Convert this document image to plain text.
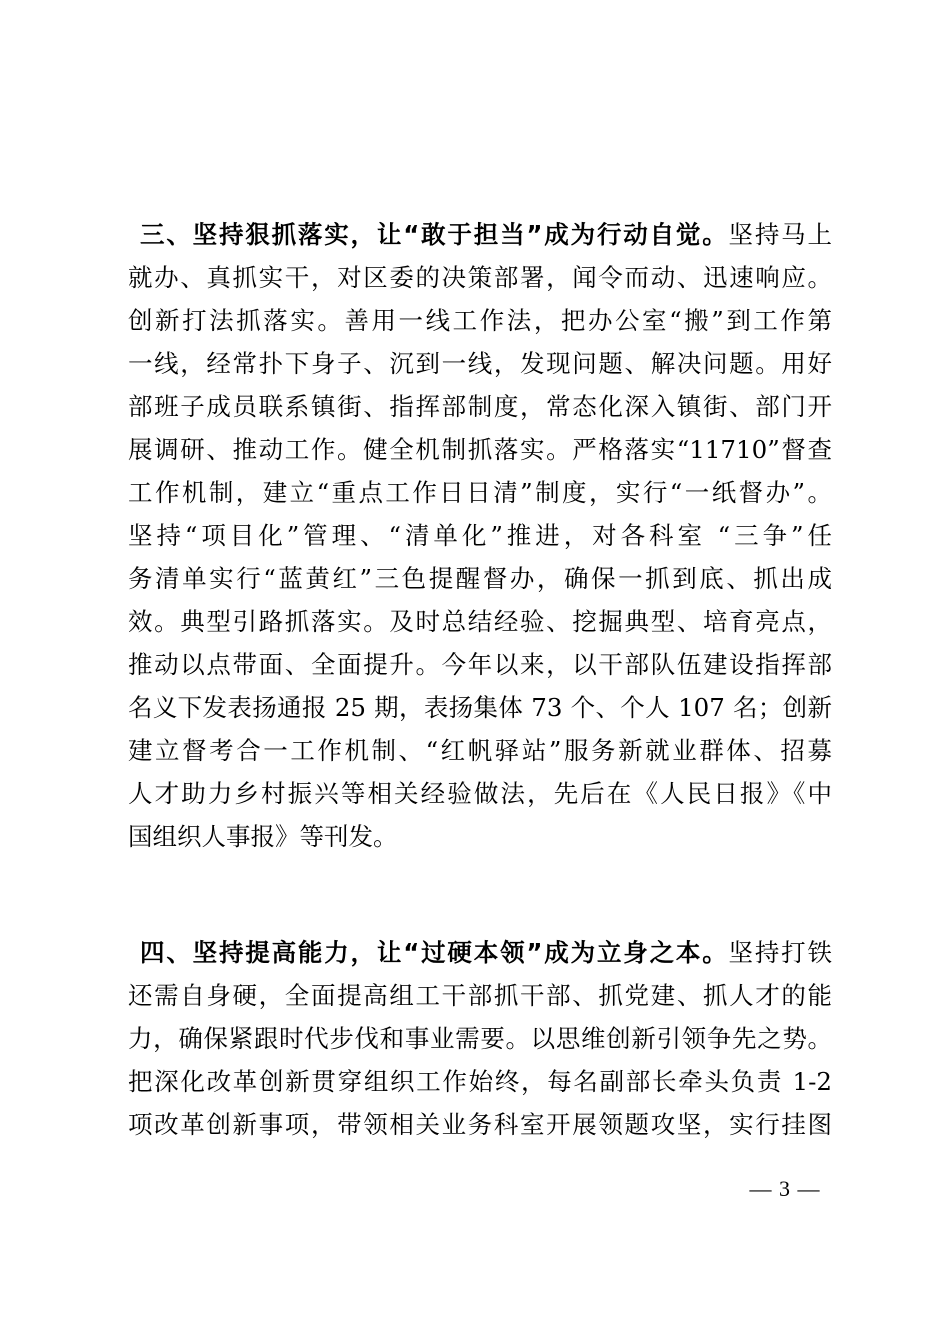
三、坚持狠抓落实，让“敢于担当”成为行动自觉。坚持马上
就办、真抓实干，对区委的决策部署，闻令而动、迅速响应。
创新打法抓落实。善用一线工作法，把办公室“搬”到工作第
一线，经常扑下身子、沉到一线，发现问题、解决问题。用好
部班子成员联系镇街、指挥部制度，常态化深入镇街、部门开
展调研、推动工作。健全机制抓落实。严格落实“11710”督查
工作机制，建立“重点工作日日清”制度，实行“一纸督办”。
坚持“项目化”管理、“清单化”推进，对各科室 “三争”任
务清单实行“蓝黄红”三色提醒督办，确保一抓到底、抓出成
效。典型引路抓落实。及时总结经验、挖掘典型、培育亮点，
推动以点带面、全面提升。今年以来，以干部队伍建设指挥部
名义下发表扬通报 25 期，表扬集体 73 个、个人 107 名；创新
建立督考合一工作机制、“红帆驿站”服务新就业群体、招募
人才助力乡村振兴等相关经验做法，先后在《人民日报》《中
国组织人事报》等刊发。
四、坚持提高能力，让“过硬本领”成为立身之本。坚持打铁
还需自身硬，全面提高组工干部抓干部、抓党建、抓人才的能
力，确保紧跟时代步伐和事业需要。以思维创新引领争先之势。
把深化改革创新贯穿组织工作始终，每名副部长牵头负责 1-2
项改革创新事项，带领相关业务科室开展领题攻坚，实行挂图
— 3 —
